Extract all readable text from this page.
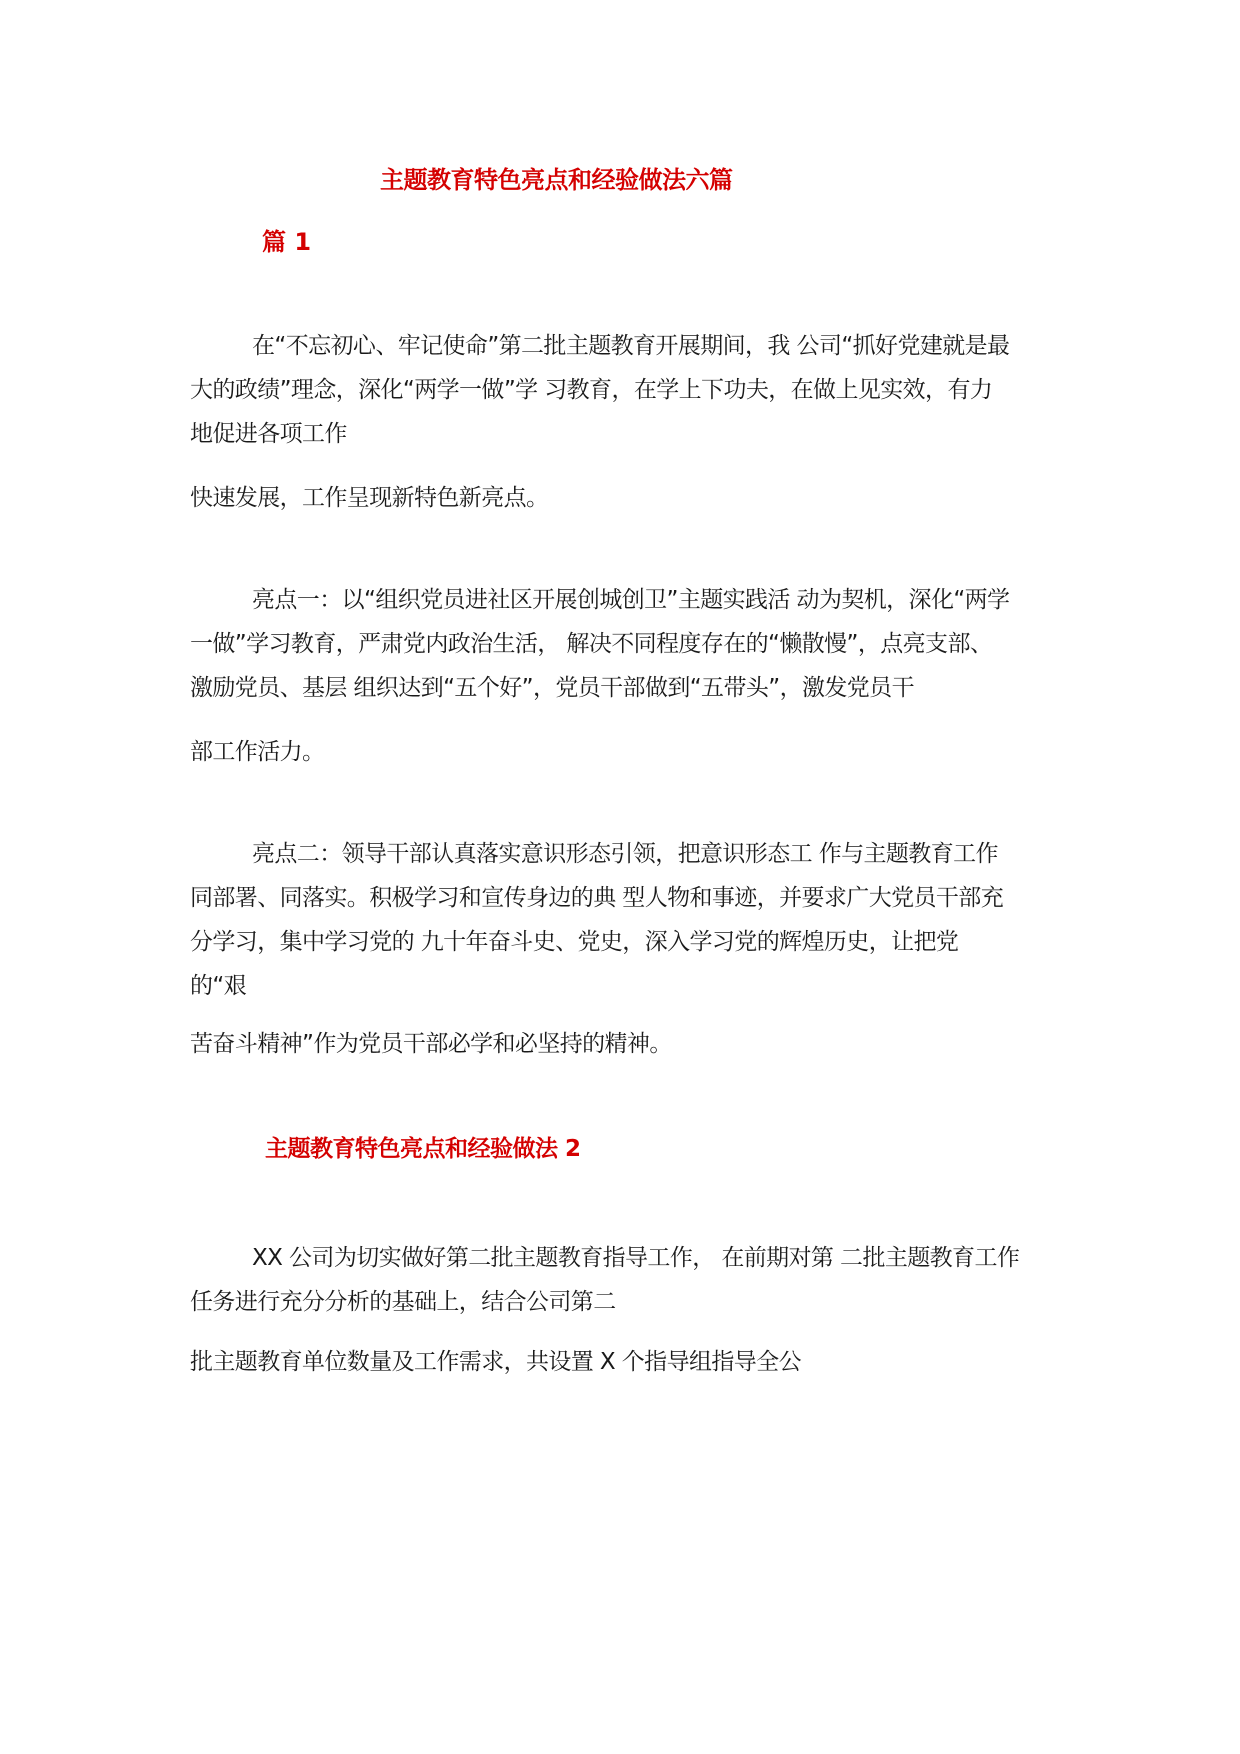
主题教育特色亮点和经验做法六篇
篇 1
在“不忘初心、牢记使命”第二批主题教育开展期间，我 公司“抓好党建就是最
大的政绩”理念，深化“两学一做”学 习教育，在学上下功夫，在做上见实效，有力
地促进各项工作
快速发展，工作呈现新特色新亮点。
亮点一：以“组织党员进社区开展创城创卫”主题实践活 动为契机，深化“两学
一做”学习教育，严肃党内政治生活， 解决不同程度存在的“懒散慢”，点亮支部、
激励党员、基层 组织达到“五个好”，党员干部做到“五带头”，激发党员干
部工作活力。
亮点二：领导干部认真落实意识形态引领，把意识形态工 作与主题教育工作
同部署、同落实。积极学习和宣传身边的典 型人物和事迹，并要求广大党员干部充
分学习，集中学习党的 九十年奋斗史、党史，深入学习党的辉煌历史，让把党
的“艰
苦奋斗精神”作为党员干部必学和必坚持的精神。
主题教育特色亮点和经验做法 2
XX 公司为切实做好第二批主题教育指导工作， 在前期对第 二批主题教育工作
任务进行充分分析的基础上，结合公司第二
批主题教育单位数量及工作需求，共设置 X 个指导组指导全公
